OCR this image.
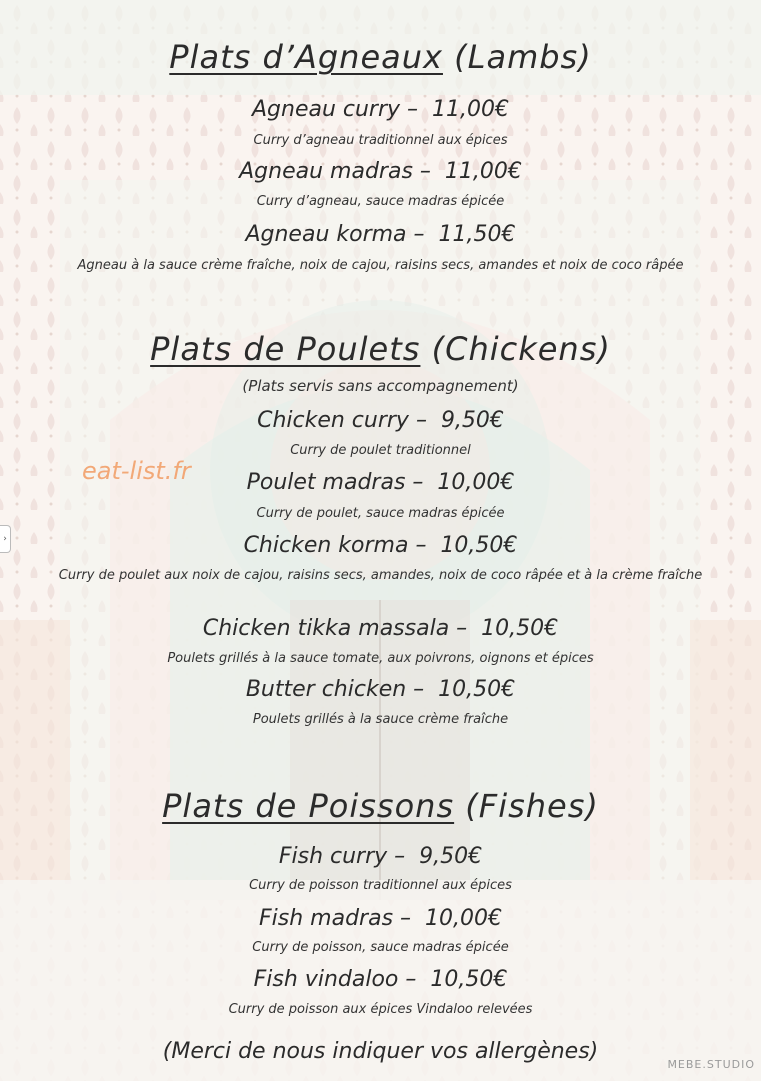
Plats d’Agneaux (Lambs)
Agneau curry –  11,00€
Curry d’agneau traditionnel aux épices
Agneau madras –  11,00€
Curry d’agneau, sauce madras épicée
Agneau korma –  11,50€
Agneau à la sauce crème fraîche, noix de cajou, raisins secs, amandes et noix de coco râpée
Plats de Poulets (Chickens)
(Plats servis sans accompagnement)
Chicken curry –  9,50€
Curry de poulet traditionnel
Poulet madras –  10,00€
Curry de poulet, sauce madras épicée
Chicken korma –  10,50€
Curry de poulet aux noix de cajou, raisins secs, amandes, noix de coco râpée et à la crème fraîche
Chicken tikka massala –  10,50€
Poulets grillés à la sauce tomate, aux poivrons, oignons et épices
Butter chicken –  10,50€
Poulets grillés à la sauce crème fraîche
Plats de Poissons (Fishes)
Fish curry –  9,50€
Curry de poisson traditionnel aux épices
Fish madras –  10,00€
Curry de poisson, sauce madras épicée
Fish vindaloo –  10,50€
Curry de poisson aux épices Vindaloo relevées
(Merci de nous indiquer vos allergènes)
eat-list.fr
MEBE.STUDIO
›
